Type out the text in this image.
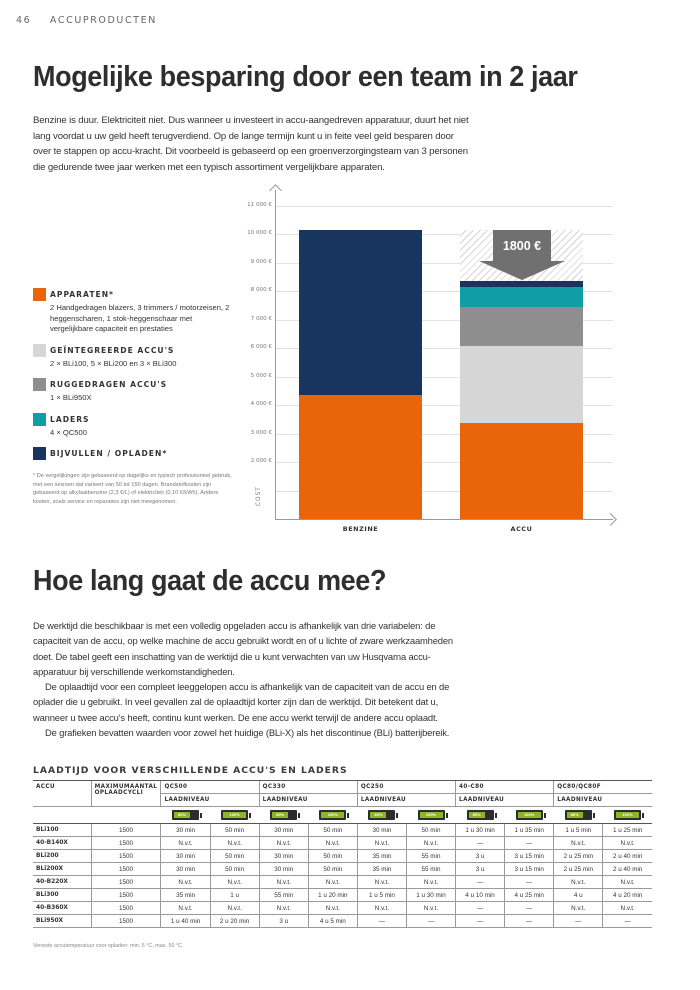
46 ACCUPRODUCTEN
Mogelijke besparing door een team in 2 jaar

Benzine is duur. Elektriciteit niet. Dus wanneer u investeert in accu-aangedreven apparatuur, duurt het niet lang voordat u uw geld heeft terugverdiend. Op de lange termijn kunt u in feite veel geld besparen door over te stappen op accu-kracht. Dit voorbeeld is gebaseerd op een groenverzorgingsteam van 3 personen die gedurende twee jaar werken met een typisch assortiment vergelijkbare apparaten.

APPARATEN*
2 Handgedragen blazers, 3 trimmers / motorzeisen, 2 heggenscharen, 1 stok-heggenschaar met vergelijkbare capaciteit en prestaties
GEÏNTEGREERDE ACCU'S
2 × BLi100, 5 × BLi200 en 3 × BLi300
RUGGEDRAGEN ACCU'S
1 × BLi950X
LADERS
4 × QC500
BIJVULLEN / OPLADEN*

* De vergelijkingen zijn gebaseerd op dagelijks en typisch professioneel gebruik, met een seizoen dat varieert van 50 tot 150 dagen. Brandstofkosten zijn gebaseerd op alkylaatbenzine (2,3 €/L) of elektriciteit (0,10 €/kWh). Andere kosten, zoals service en reparaties zijn niet meegenomen.

11 000 €
10 000 €
9 000 €
8 000 €
7 000 €
6 000 €
5 000 €
4 000 €
3 000 €
2 000 €
1800 €
COST
BENZINE	ACCU
Hoe lang gaat de accu mee?

De werktijd die beschikbaar is met een volledig opgeladen accu is afhankelijk van drie variabelen: de capaciteit van de accu, op welke machine de accu gebruikt wordt en of u lichte of zware werkzaamheden doet. De tabel geeft een inschatting van de werktijd die u kunt verwachten van uw Husqvarna accu-apparatuur bij verschillende werkomstandigheden.

De oplaadtijd voor een compleet leeggelopen accu is afhankelijk van de capaciteit van de accu en de oplader die u gebruikt. In veel gevallen zal de oplaadtijd korter zijn dan de werktijd. Dit betekent dat u, wanneer u twee accu's heeft, continu kunt werken. De ene accu werkt terwijl de andere accu oplaadt.

De grafieken bevatten waarden voor zowel het huidige (BLi-X) als het discontinue (BLi) batterijbereik.

LAADTIJD VOOR VERSCHILLENDE ACCU'S EN LADERS
ACCU	MAXIMUMAANTAL OPLAADCYCLI	QC500		QC330		QC250		40-C80		QC80/QC80F	
		LAADNIVEAU		LAADNIVEAU		LAADNIVEAU		LAADNIVEAU		LAADNIVEAU	

		80%	100%	80%	100%	80%	100%	80%	100%	80%	100%

BLi100	1500	30 min	50 min	30 min	50 min	30 min	50 min	1 u 30 min	1 u 35 min	1 u 5 min	1 u 25 min
40-B140X	1500	N.v.t.	N.v.t.	N.v.t.	N.v.t.	N.v.t.	N.v.t.	—	—	N.v.t.	N.v.t.
BLi200	1500	30 min	50 min	30 min	50 min	35 min	55 min	3 u	3 u 15 min	2 u 25 min	2 u 40 min
BLi200X	1500	30 min	50 min	30 min	50 min	35 min	55 min	3 u	3 u 15 min	2 u 25 min	2 u 40 min
40-B220X	1500	N.v.t.	N.v.t.	N.v.t.	N.v.t.	N.v.t.	N.v.t.	—	—	N.v.t.	N.v.t.
BLi300	1500	35 min	1 u	55 min	1 u 20 min	1 u 5 min	1 u 30 min	4 u 10 min	4 u 25 min	4 u	4 u 20 min
40-B360X	1500	N.v.t.	N.v.t.	N.v.t.	N.v.t.	N.v.t.	N.v.t.	—	—	N.v.t.	N.v.t.
BLi950X	1500	1 u 40 min	2 u 20 min	3 u	4 u 5 min	—	—	—	—	—	—
Vereiste accutemperatuur voor opladen: min. 5 °C, max. 50 °C
